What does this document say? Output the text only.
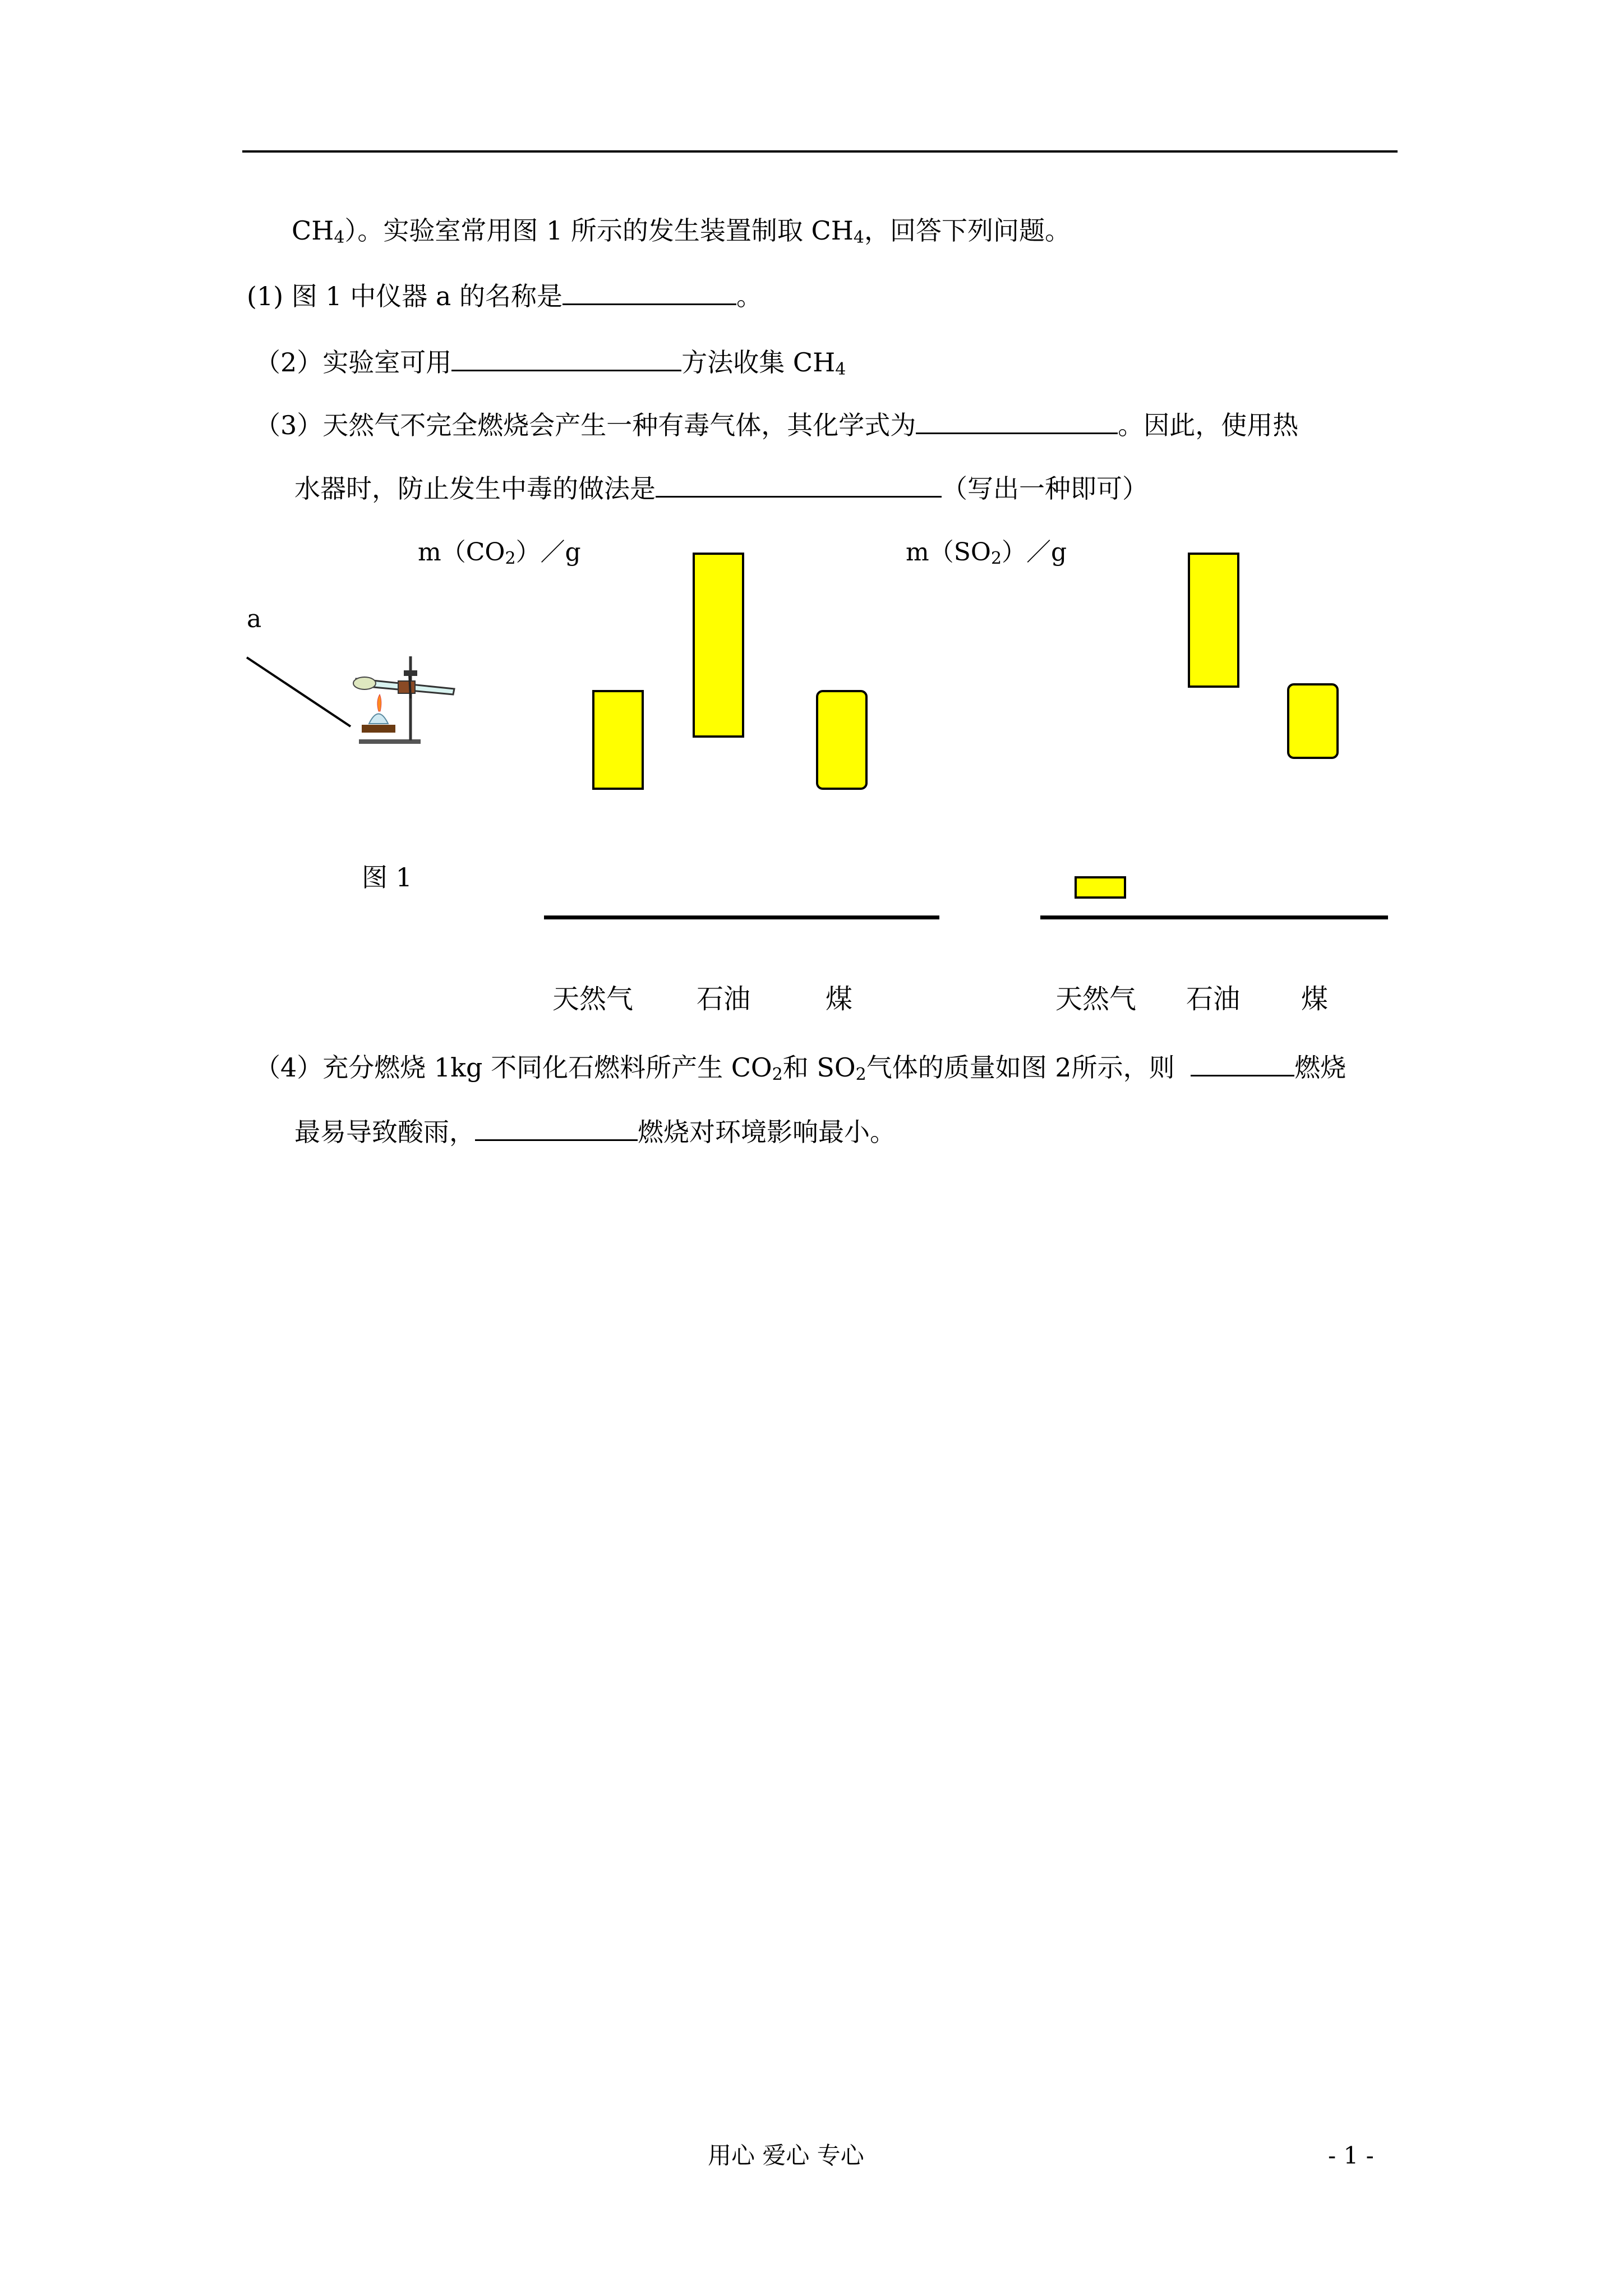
$CH_4$）。实验室常用图 1 所示的发生装置制取 $CH_4$，回答下列问题。
(1) 图 1 中仪器 a 的名称是	。
（2）实验室可用	方法收集 $CH_4$
（3）天然气不完全燃烧会产生一种有毒气体，其化学式为	。因此，使用热
水器时，防止发生中毒的做法是	（写出一种即可）
a
图 1
$m(CO_2)/g$
天然气 石油	煤
$m(SO_2)/g$
天然气 石油 煤
（4）充分燃烧 1kg 不同化石燃料所产生 $CO_2$和 $SO_2$气体的质量如图 2所示，则	燃烧
最易导致酸雨，	燃烧对环境影响最小。
用心 爱心 专心	- 1 -
